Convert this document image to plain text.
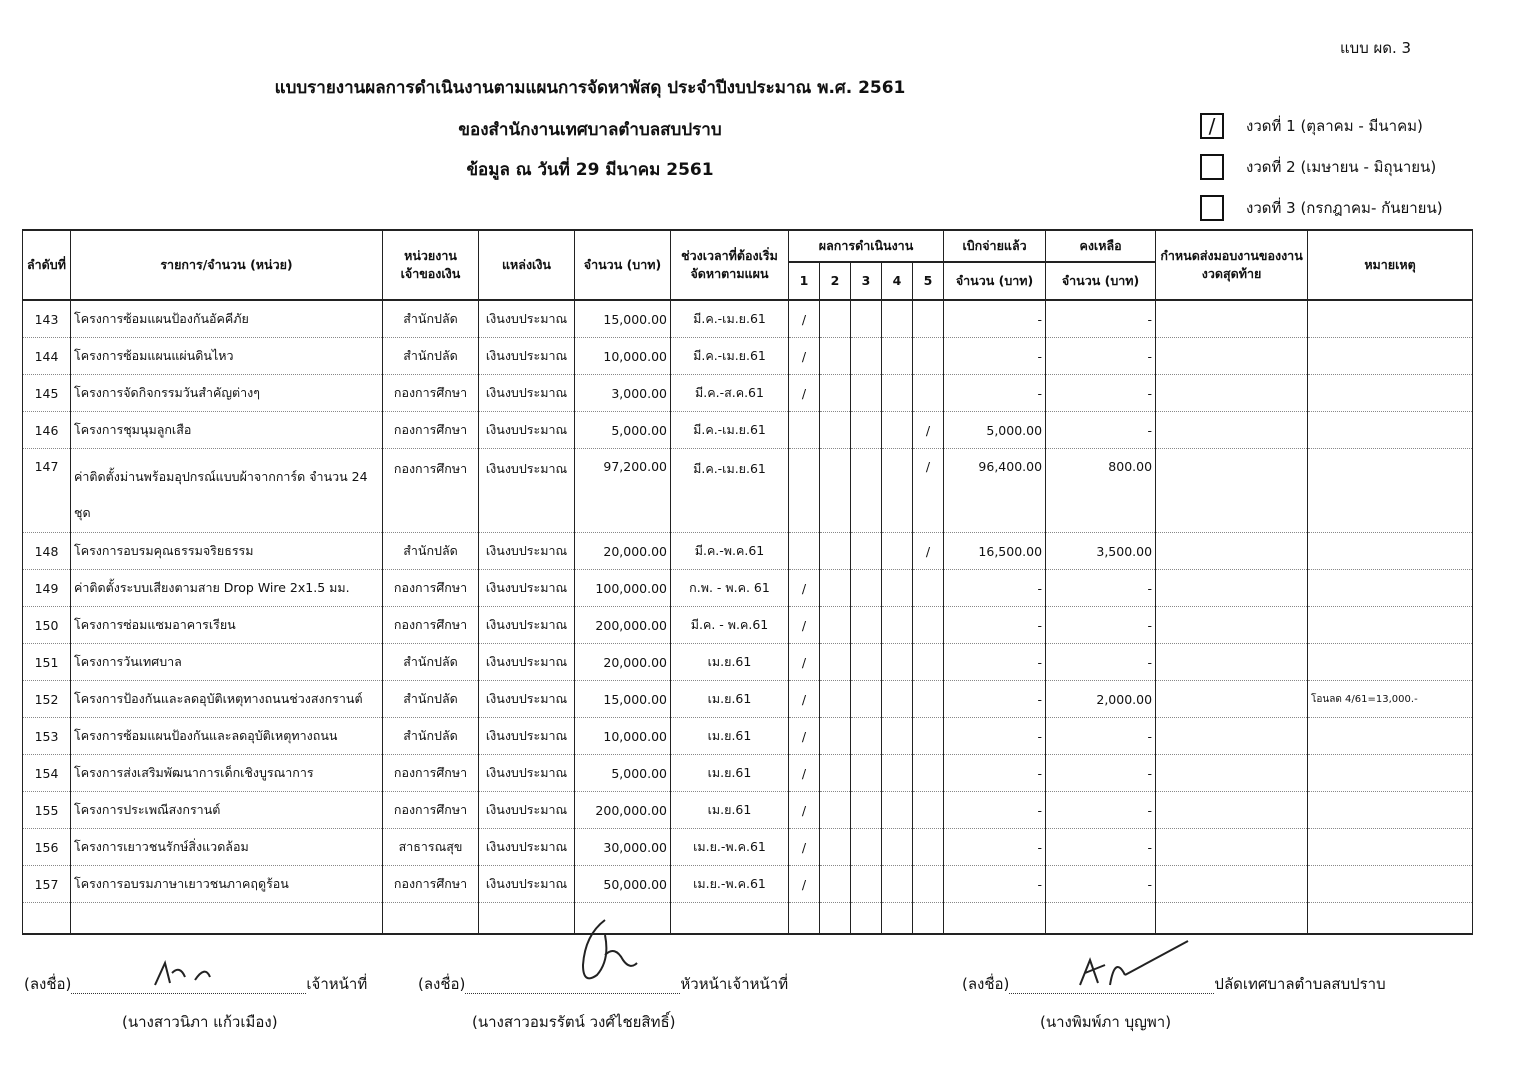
แบบ ผด. 3
แบบรายงานผลการดำเนินงานตามแผนการจัดหาพัสดุ ประจำปีงบประมาณ พ.ศ. 2561
ของสำนักงานเทศบาลตำบลสบปราบ
ข้อมูล ณ วันที่ 29 มีนาคม 2561
/	งวดที่ 1 (ตุลาคม - มีนาคม)
งวดที่ 2 (เมษายน - มิถุนายน)
งวดที่ 3 (กรกฎาคม- กันยายน)
ลำดับที่	รายการ/จำนวน (หน่วย)	หน่วยงานเจ้าของเงิน	แหล่งเงิน	จำนวน (บาท)	ช่วงเวลาที่ต้องเริ่มจัดหาตามแผน	ผลการดำเนินงาน					เบิกจ่ายแล้ว	คงเหลือ	กำหนดส่งมอบงานของงานงวดสุดท้าย	หมายเหตุ
						1	2	3	4	5	จำนวน (บาท)	จำนวน (บาท)		
143	โครงการซ้อมแผนป้องกันอัคคีภัย	สำนักปลัด	เงินงบประมาณ	15,000.00	มี.ค.-เม.ย.61	/					-	-		
144	โครงการซ้อมแผนแผ่นดินไหว	สำนักปลัด	เงินงบประมาณ	10,000.00	มี.ค.-เม.ย.61	/					-	-		
145	โครงการจัดกิจกรรมวันสำคัญต่างๆ	กองการศึกษา	เงินงบประมาณ	3,000.00	มี.ค.-ส.ค.61	/					-	-		
146	โครงการชุมนุมลูกเสือ	กองการศึกษา	เงินงบประมาณ	5,000.00	มี.ค.-เม.ย.61					/	5,000.00	-		
147	ค่าติดตั้งม่านพร้อมอุปกรณ์แบบผ้าจากการ์ด จำนวน 24 ชุด	กองการศึกษา	เงินงบประมาณ	97,200.00	มี.ค.-เม.ย.61					/	96,400.00	800.00		
148	โครงการอบรมคุณธรรมจริยธรรม	สำนักปลัด	เงินงบประมาณ	20,000.00	มี.ค.-พ.ค.61					/	16,500.00	3,500.00		
149	ค่าติดตั้งระบบเสียงตามสาย Drop Wire 2x1.5 มม.	กองการศึกษา	เงินงบประมาณ	100,000.00	ก.พ. - พ.ค. 61	/					-	-		
150	โครงการซ่อมแซมอาคารเรียน	กองการศึกษา	เงินงบประมาณ	200,000.00	มี.ค. - พ.ค.61	/					-	-		
151	โครงการวันเทศบาล	สำนักปลัด	เงินงบประมาณ	20,000.00	เม.ย.61	/					-	-		
152	โครงการป้องกันและลดอุบัติเหตุทางถนนช่วงสงกรานต์	สำนักปลัด	เงินงบประมาณ	15,000.00	เม.ย.61	/					-	2,000.00		โอนลด 4/61=13,000.-
153	โครงการซ้อมแผนป้องกันและลดอุบัติเหตุทางถนน	สำนักปลัด	เงินงบประมาณ	10,000.00	เม.ย.61	/					-	-		
154	โครงการส่งเสริมพัฒนาการเด็กเชิงบูรณาการ	กองการศึกษา	เงินงบประมาณ	5,000.00	เม.ย.61	/					-	-		
155	โครงการประเพณีสงกรานต์	กองการศึกษา	เงินงบประมาณ	200,000.00	เม.ย.61	/					-	-		
156	โครงการเยาวชนรักษ์สิ่งแวดล้อม	สาธารณสุข	เงินงบประมาณ	30,000.00	เม.ย.-พ.ค.61	/					-	-		
157	โครงการอบรมภาษาเยาวชนภาคฤดูร้อน	กองการศึกษา	เงินงบประมาณ	50,000.00	เม.ย.-พ.ค.61	/					-	-		

(ลงชื่อ)	เจ้าหน้าที่
(นางสาวนิภา แก้วเมือง)
(ลงชื่อ)	หัวหน้าเจ้าหน้าที่
(นางสาวอมรรัตน์ วงศ์ไชยสิทธิ์)
(ลงชื่อ)	ปลัดเทศบาลตำบลสบปราบ
(นางพิมพ์ภา บุญพา)
